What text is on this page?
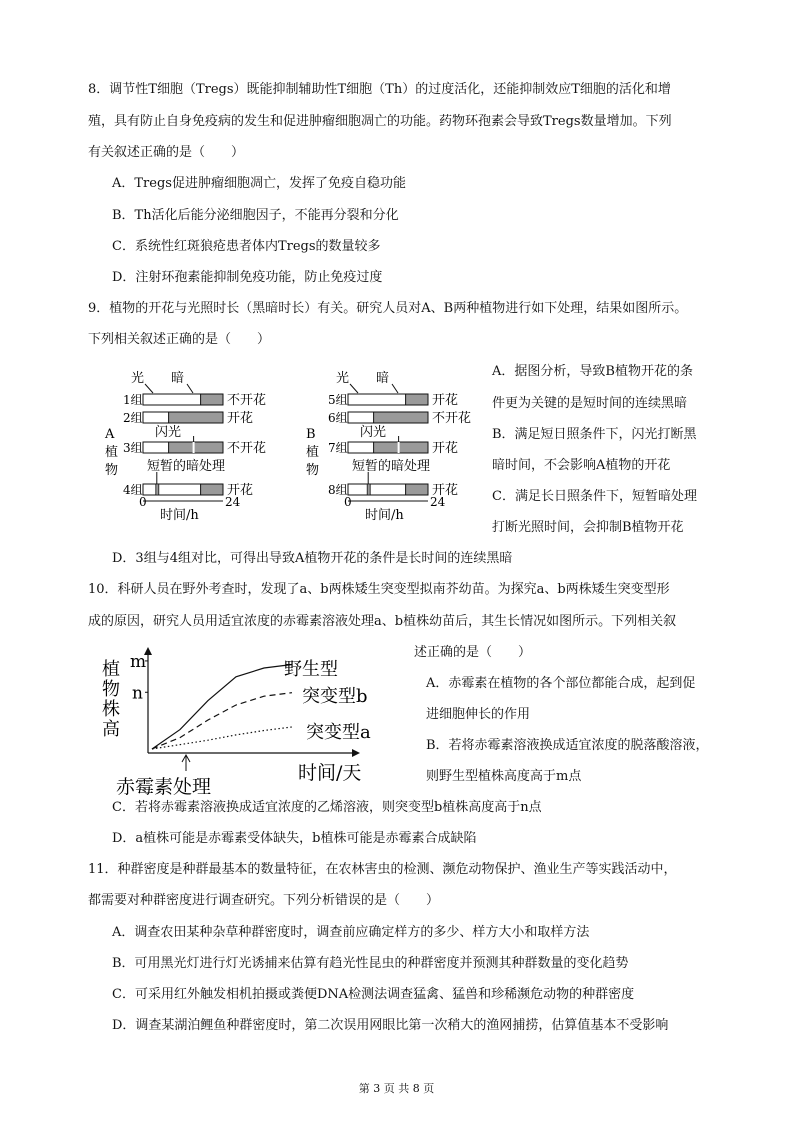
8．调节性T细胞（Tregs）既能抑制辅助性T细胞（Th）的过度活化，还能抑制效应T细胞的活化和增
殖，具有防止自身免疫病的发生和促进肿瘤细胞凋亡的功能。药物环孢素会导致Tregs数量增加。下列
有关叙述正确的是（　　）
A．Tregs促进肿瘤细胞凋亡，发挥了免疫自稳功能
B．Th活化后能分泌细胞因子，不能再分裂和分化
C．系统性红斑狼疮患者体内Tregs的数量较多
D．注射环孢素能抑制免疫功能，防止免疫过度
9．植物的开花与光照时长（黑暗时长）有关。研究人员对A、B两种植物进行如下处理，结果如图所示。
下列相关叙述正确的是（　　）
光 暗
闪光
短暂的暗处理
A
植
物
1组	不开花
2组	开花
3组	不开花
4组	开花
0	24
时间/h
光 暗
闪光
短暂的暗处理
B
植
物
5组	开花
6组	不开花
7组	开花
8组	开花
0	24
时间/h
A．据图分析，导致B植物开花的条
件更为关键的是短时间的连续黑暗
B．满足短日照条件下，闪光打断黑
暗时间，不会影响A植物的开花
C．满足长日照条件下，短暂暗处理
打断光照时间，会抑制B植物开花
D．3组与4组对比，可得出导致A植物开花的条件是长时间的连续黑暗
10．科研人员在野外考查时，发现了a、b两株矮生突变型拟南芥幼苗。为探究a、b两株矮生突变型形
成的原因，研究人员用适宜浓度的赤霉素溶液处理a、b植株幼苗后，其生长情况如图所示。下列相关叙
述正确的是（　　）
植
物
株
高
时间/天
赤霉素处理
m
n
野生型
突变型b
突变型a
A．赤霉素在植物的各个部位都能合成，起到促
进细胞伸长的作用
B．若将赤霉素溶液换成适宜浓度的脱落酸溶液，
则野生型植株高度高于m点
C．若将赤霉素溶液换成适宜浓度的乙烯溶液，则突变型b植株高度高于n点
D．a植株可能是赤霉素受体缺失，b植株可能是赤霉素合成缺陷
11．种群密度是种群最基本的数量特征，在农林害虫的检测、濒危动物保护、渔业生产等实践活动中，
都需要对种群密度进行调查研究。下列分析错误的是（　　）
A．调查农田某种杂草种群密度时，调查前应确定样方的多少、样方大小和取样方法
B．可用黑光灯进行灯光诱捕来估算有趋光性昆虫的种群密度并预测其种群数量的变化趋势
C．可采用红外触发相机拍摄或粪便DNA检测法调查猛禽、猛兽和珍稀濒危动物的种群密度
D．调查某湖泊鲤鱼种群密度时，第二次误用网眼比第一次稍大的渔网捕捞，估算值基本不受影响
第 3 页 共 8 页
